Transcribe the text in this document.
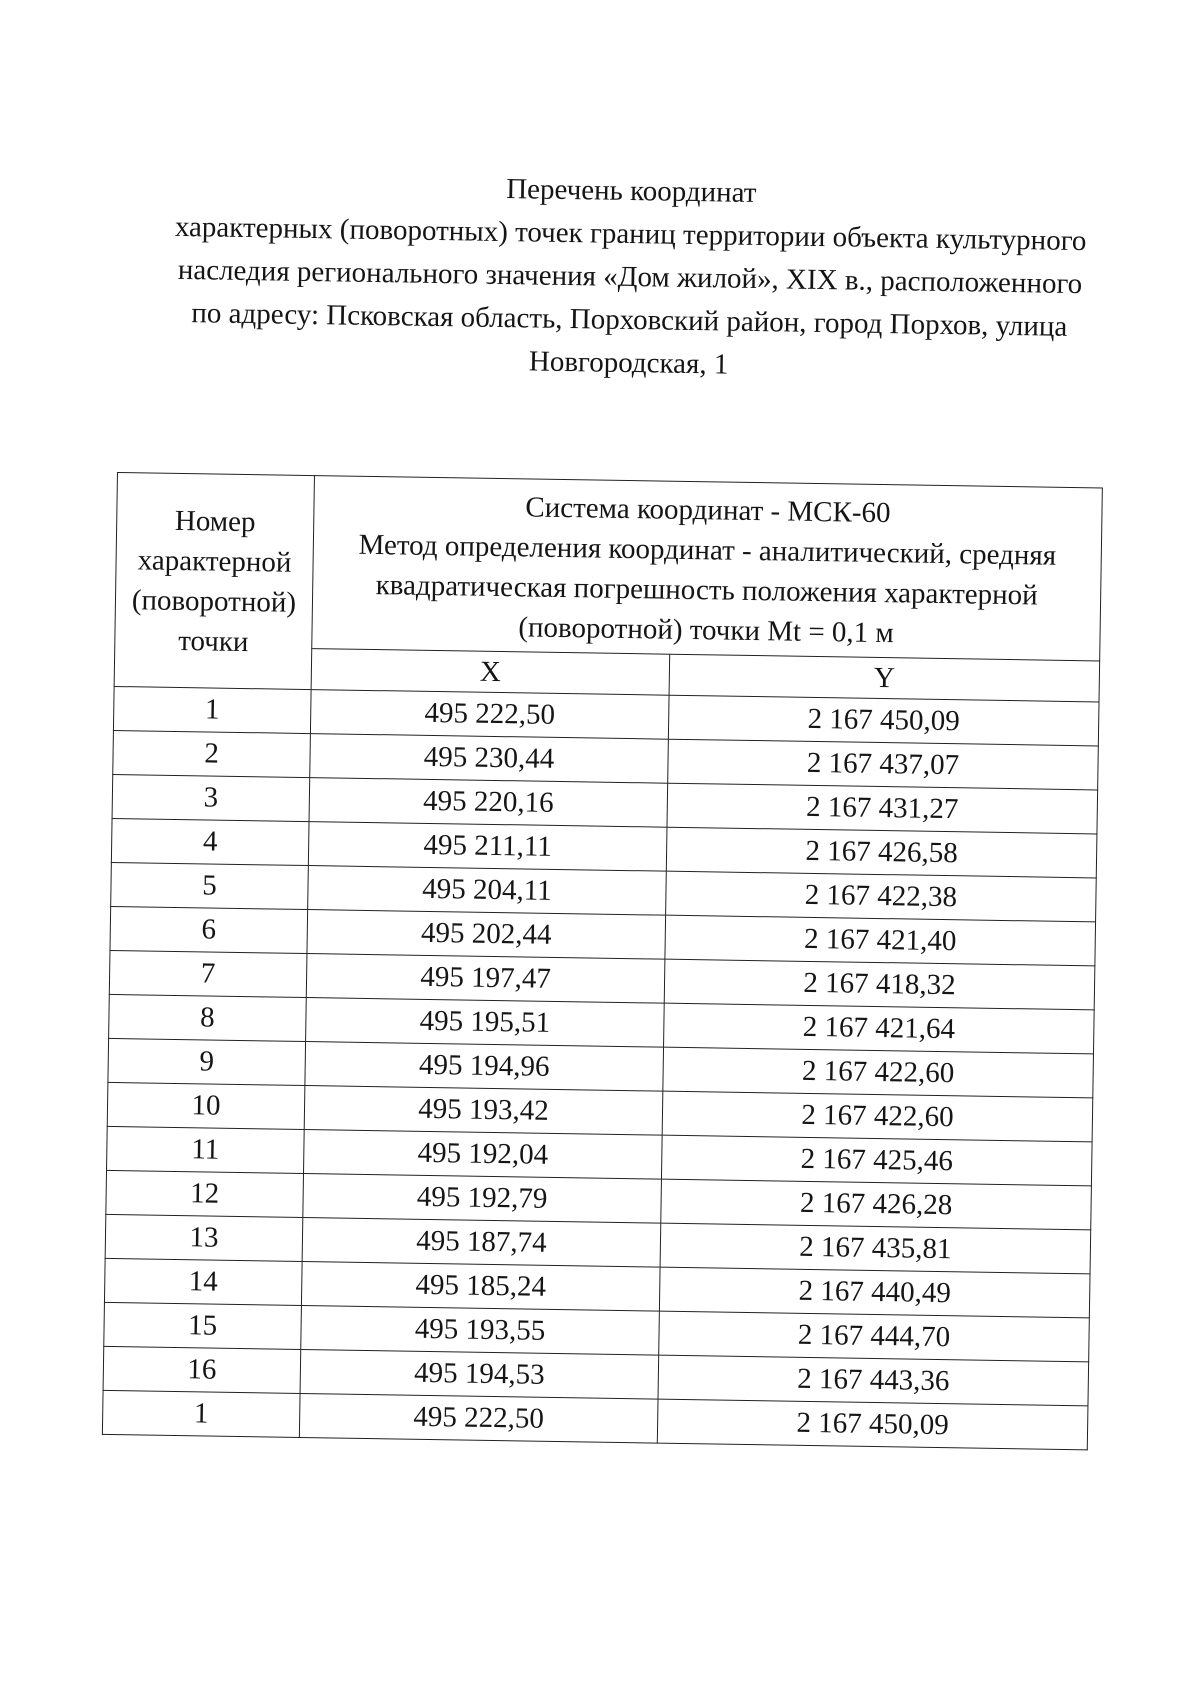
Перечень координат
характерных (поворотных) точек границ территории объекта культурного
наследия регионального значения «Дом жилой», XIX в., расположенного
по адресу: Псковская область, Порховский район, город Порхов, улица
Новгородская, 1
Номер
характерной
(поворотной)
точки	Система координат - МСК-60
Метод определения координат - аналитический, средняя
квадратическая погрешность положения характерной
(поворотной) точки Mt = 0,1 м	

	X	Y
1	495 222,50	2 167 450,09
2	495 230,44	2 167 437,07
3	495 220,16	2 167 431,27
4	495 211,11	2 167 426,58
5	495 204,11	2 167 422,38
6	495 202,44	2 167 421,40
7	495 197,47	2 167 418,32
8	495 195,51	2 167 421,64
9	495 194,96	2 167 422,60
10	495 193,42	2 167 422,60
11	495 192,04	2 167 425,46
12	495 192,79	2 167 426,28
13	495 187,74	2 167 435,81
14	495 185,24	2 167 440,49
15	495 193,55	2 167 444,70
16	495 194,53	2 167 443,36
1	495 222,50	2 167 450,09
